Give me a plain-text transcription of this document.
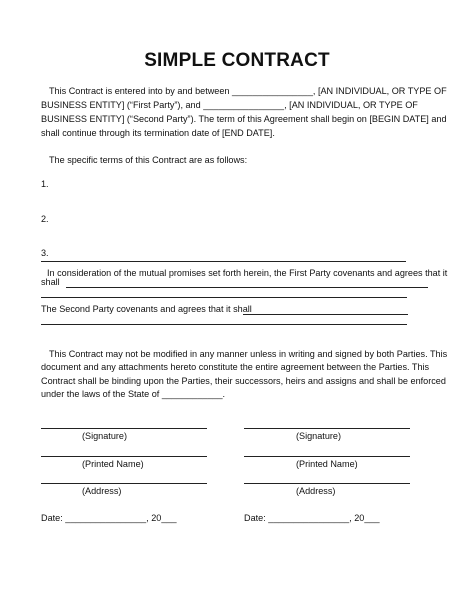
SIMPLE CONTRACT
This Contract is entered into by and between ________________, [AN INDIVIDUAL, OR TYPE OF
BUSINESS ENTITY] (“First Party”), and ________________, [AN INDIVIDUAL, OR TYPE OF
BUSINESS ENTITY] (“Second Party”). The term of this Agreement shall begin on [BEGIN DATE] and
shall continue through its termination date of [END DATE].
The specific terms of this Contract are as follows:
1.
2.
3.
In consideration of the mutual promises set forth herein, the First Party covenants and agrees that it
shall
The Second Party covenants and agrees that it shall
This Contract may not be modified in any manner unless in writing and signed by both Parties. This
document and any attachments hereto constitute the entire agreement between the Parties. This
Contract shall be binding upon the Parties, their successors, heirs and assigns and shall be enforced
under the laws of the State of ____________.
(Signature)
(Printed Name)
(Address)
Date: ________________, 20___
(Signature)
(Printed Name)
(Address)
Date: ________________, 20___
